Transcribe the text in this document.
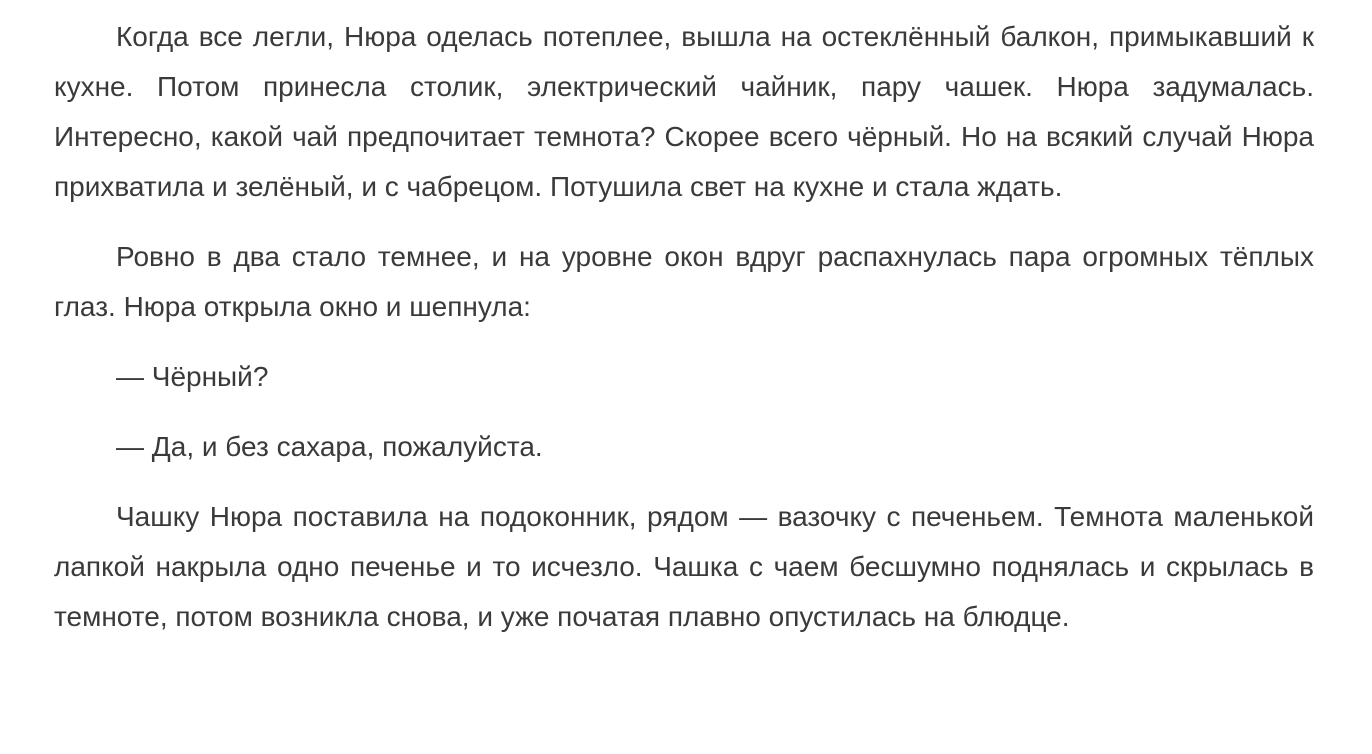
Когда все легли, Нюра оделась потеплее, вышла на остеклённый балкон, примыкавший к кухне. Потом принесла столик, электрический чайник, пару чашек. Нюра задумалась. Интересно, какой чай предпочитает темнота? Скорее всего чёрный. Но на всякий случай Нюра прихватила и зелёный, и с чабрецом. Потушила свет на кухне и стала ждать.

Ровно в два стало темнее, и на уровне окон вдруг распахнулась пара огромных тёплых глаз. Нюра открыла окно и шепнула:

— Чёрный?

— Да, и без сахара, пожалуйста.

Чашку Нюра поставила на подоконник, рядом — вазочку с печеньем. Темнота маленькой лапкой накрыла одно печенье и то исчезло. Чашка с чаем бесшумно поднялась и скрылась в темноте, потом возникла снова, и уже початая плавно опустилась на блюдце.
